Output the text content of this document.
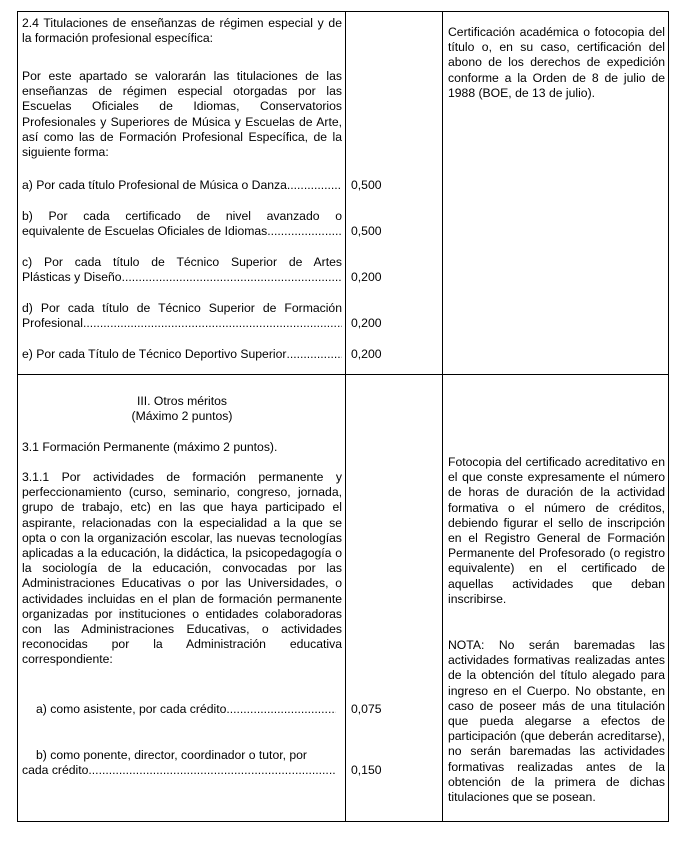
2.4 Titulaciones de enseñanzas de régimen especial y de la formación profesional específica:

Por este apartado se valorarán las titulaciones de las enseñanzas de régimen especial otorgadas por las Escuelas Oficiales de Idiomas, Conservatorios Profesionales y Superiores de Música y Escuelas de Arte, así como las de Formación Profesional Específica, de la siguiente forma:

a) Por cada título Profesional de Música o Danza .....	0,500

b) Por cada certificado de nivel avanzado o

equivalente de Escuelas Oficiales de Idiomas .....	0,500

c) Por cada título de Técnico Superior de Artes

Plásticas y Diseño .....	0,200

d) Por cada título de Técnico Superior de Formación

Profesional .....	0,200
e) Por cada Título de Técnico Deportivo Superior .....	0,200

Certificación académica o fotocopia del título o, en su caso, certificación del abono de los derechos de expedición conforme a la Orden de 8 de julio de 1988 (BOE, de 13 de julio).

III. Otros méritos

(Máximo 2 puntos)

3.1 Formación Permanente (máximo 2 puntos).

3.1.1 Por actividades de formación permanente y perfeccionamiento (curso, seminario, congreso, jornada, grupo de trabajo, etc) en las que haya participado el aspirante, relacionadas con la especialidad a la que se opta o con la organización escolar, las nuevas tecnologías aplicadas a la educación, la didáctica, la psicopedagogía o la sociología de la educación, convocadas por las Administraciones Educativas o por las Universidades, o actividades incluidas en el plan de formación permanente organizadas por instituciones o entidades colaboradoras con las Administraciones Educativas, o actividades reconocidas por la Administración educativa correspondiente:

a) como asistente, por cada crédito .....	0,075

b) como ponente, director, coordinador o tutor, por

cada crédito .....	0,150

Fotocopia del certificado acreditativo en el que conste expresamente el número de horas de duración de la actividad formativa o el número de créditos, debiendo figurar el sello de inscripción en el Registro General de Formación Permanente del Profesorado (o registro equivalente) en el certificado de aquellas actividades que deban inscribirse.

NOTA: No serán baremadas las actividades formativas realizadas antes de la obtención del título alegado para ingreso en el Cuerpo. No obstante, en caso de poseer más de una titulación que pueda alegarse a efectos de participación (que deberán acreditarse), no serán baremadas las actividades formativas realizadas antes de la obtención de la primera de dichas titulaciones que se posean.
